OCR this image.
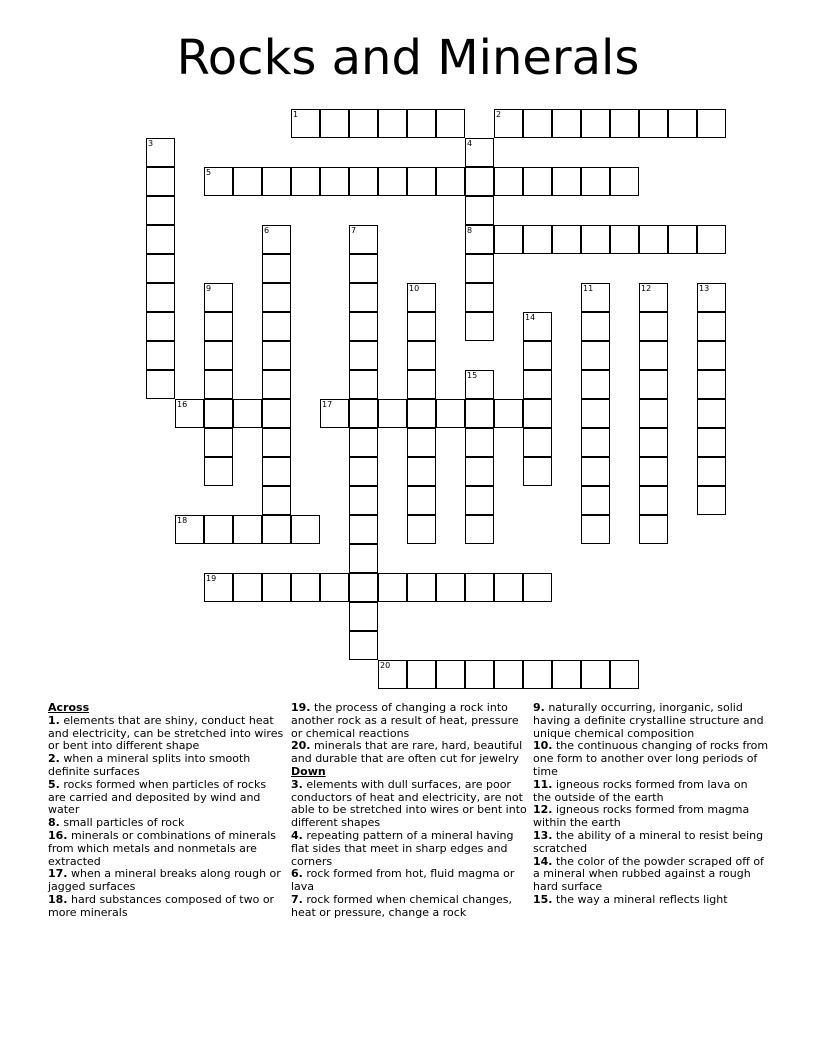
Rocks and Minerals
1	2
3	4
5
6	7	8
9	10	11	12	13
14
15
16	17
18
19
20
Across
1. elements that are shiny, conduct heat and electricity, can be stretched into wires or bent into different shape
2. when a mineral splits into smooth definite surfaces
5. rocks formed when particles of rocks are carried and deposited by wind and water
8. small particles of rock
16. minerals or combinations of minerals from which metals and nonmetals are extracted
17. when a mineral breaks along rough or jagged surfaces
18. hard substances composed of two or more minerals
19. the process of changing a rock into another rock as a result of heat, pressure or chemical reactions
20. minerals that are rare, hard, beautiful and durable that are often cut for jewelry
Down
3. elements with dull surfaces, are poor conductors of heat and electricity, are not able to be stretched into wires or bent into different shapes
4. repeating pattern of a mineral having flat sides that meet in sharp edges and corners
6. rock formed from hot, fluid magma or lava
7. rock formed when chemical changes, heat or pressure, change a rock
9. naturally occurring, inorganic, solid having a definite crystalline structure and unique chemical composition
10. the continuous changing of rocks from one form to another over long periods of time
11. igneous rocks formed from lava on the outside of the earth
12. igneous rocks formed from magma within the earth
13. the ability of a mineral to resist being scratched
14. the color of the powder scraped off of a mineral when rubbed against a rough hard surface
15. the way a mineral reflects light
